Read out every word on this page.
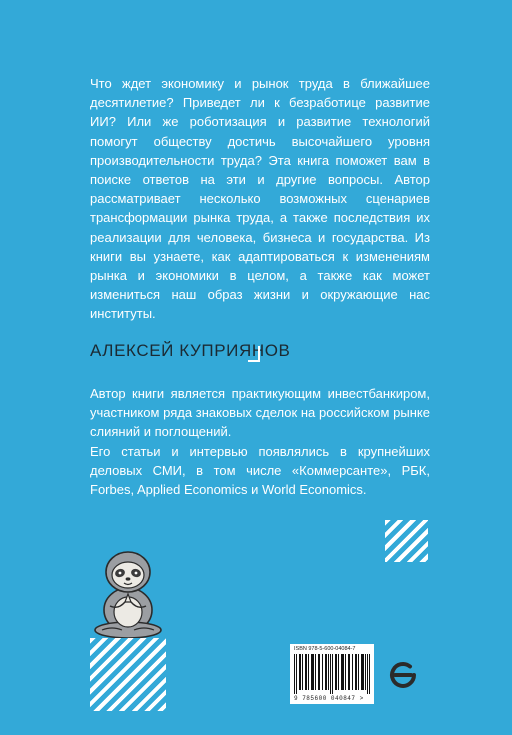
Что ждет экономику и рынок труда в ближайшее десятилетие? Приведет ли к безработице развитие ИИ? Или же роботизация и развитие технологий помогут обществу достичь высочайшего уровня производительности труда? Эта книга поможет вам в поиске ответов на эти и другие вопросы. Автор рассматривает несколько возможных сценариев трансформации рынка труда, а также последствия их реализации для человека, бизнеса и государства. Из книги вы узнаете, как адаптироваться к изменениям рынка и экономики в целом, а также как может измениться наш образ жизни и окружающие нас институты.

АЛЕКСЕЙ КУПРИЯНОВ

Автор книги является практикующим инвестбанкиром, участником ряда знаковых сделок на российском рынке слияний и поглощений.

Его статьи и интервью появлялись в крупнейших деловых СМИ, в том числе «Коммерсанте», РБК, Forbes, Applied Economics и World Economics.

ISBN 978-5-600-04084-7
9 785600 040847 >
